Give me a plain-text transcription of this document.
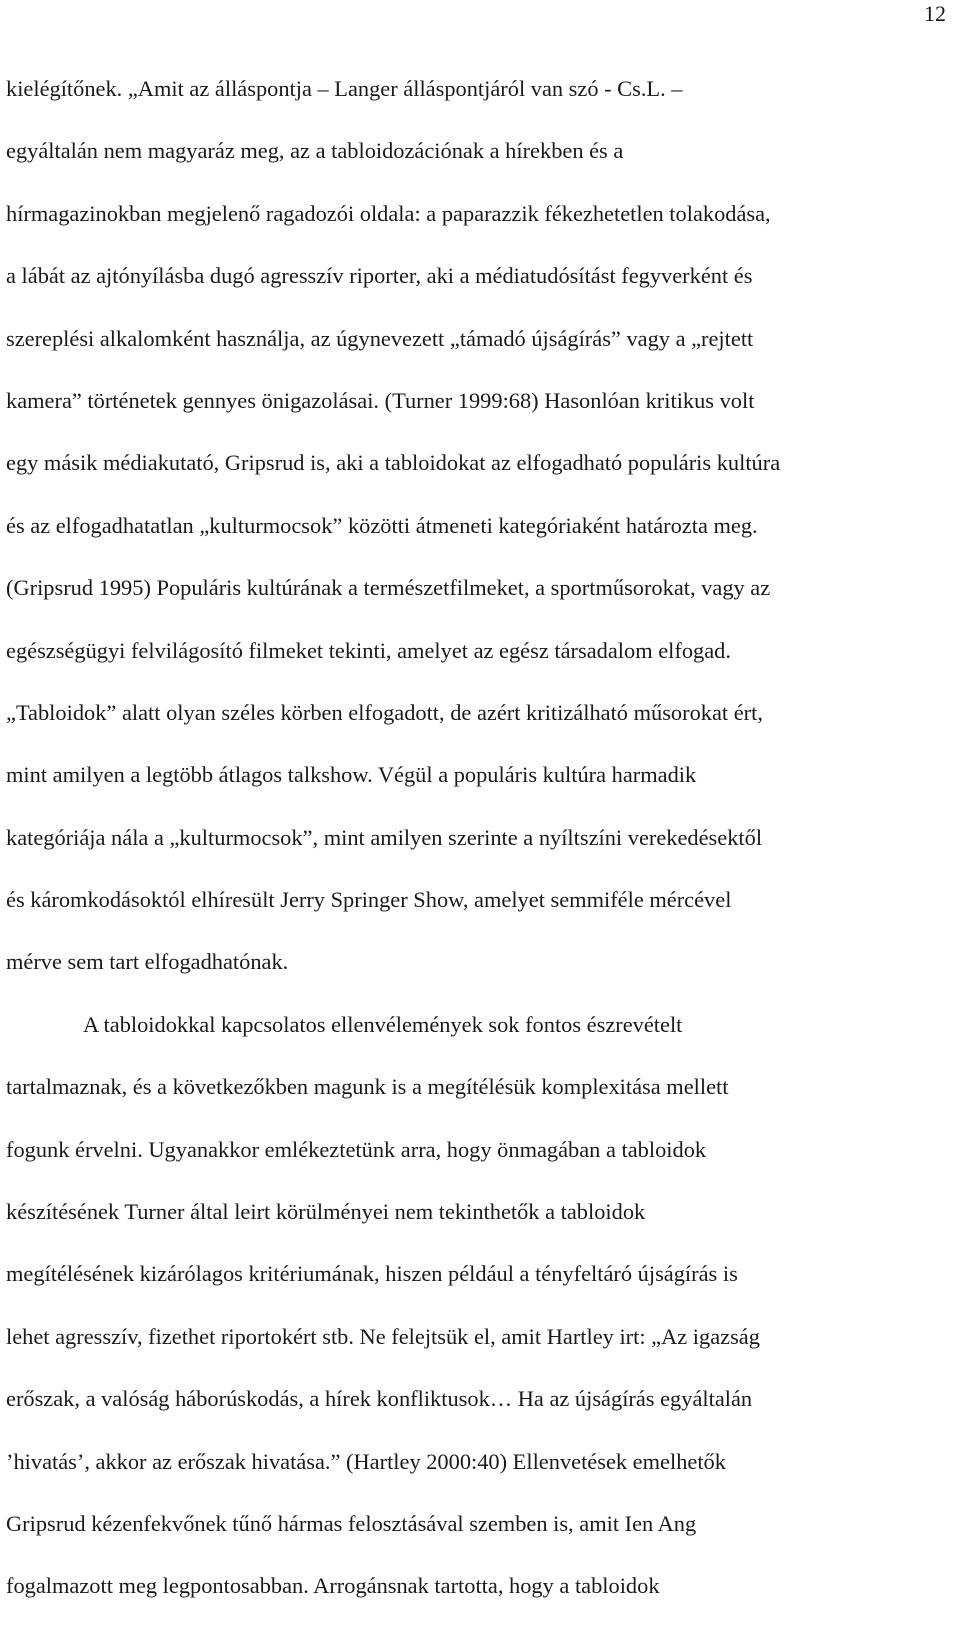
12
kielégítőnek. „Amit az álláspontja – Langer álláspontjáról van szó - Cs.L. –
egyáltalán nem magyaráz meg, az a tabloidozációnak a hírekben és a
hírmagazinokban megjelenő ragadozói oldala: a paparazzik fékezhetetlen tolakodása,
a lábát az ajtónyílásba dugó agresszív riporter, aki a médiatudósítást fegyverként és
szereplési alkalomként használja, az úgynevezett „támadó újságírás” vagy a „rejtett
kamera” történetek gennyes önigazolásai. (Turner 1999:68) Hasonlóan kritikus volt
egy másik médiakutató, Gripsrud is, aki a tabloidokat az elfogadható populáris kultúra
és az elfogadhatatlan „kulturmocsok” közötti átmeneti kategóriaként határozta meg.
(Gripsrud 1995) Populáris kultúrának a természetfilmeket, a sportműsorokat, vagy az
egészségügyi felvilágosító filmeket tekinti, amelyet az egész társadalom elfogad.
„Tabloidok” alatt olyan széles körben elfogadott, de azért kritizálható műsorokat ért,
mint amilyen a legtöbb átlagos talkshow. Végül a populáris kultúra harmadik
kategóriája nála a „kulturmocsok”, mint amilyen szerinte a nyíltszíni verekedésektől
és káromkodásoktól elhíresült Jerry Springer Show, amelyet semmiféle mércével
mérve sem tart elfogadhatónak.
A tabloidokkal kapcsolatos ellenvélemények sok fontos észrevételt
tartalmaznak, és a következőkben magunk is a megítélésük komplexitása mellett
fogunk érvelni. Ugyanakkor emlékeztetünk arra, hogy önmagában a tabloidok
készítésének Turner által leirt körülményei nem tekinthetők a tabloidok
megítélésének kizárólagos kritériumának, hiszen például a tényfeltáró újságírás is
lehet agresszív, fizethet riportokért stb. Ne felejtsük el, amit Hartley irt: „Az igazság
erőszak, a valóság háborúskodás, a hírek konfliktusok… Ha az újságírás egyáltalán
’hivatás’, akkor az erőszak hivatása.” (Hartley 2000:40) Ellenvetések emelhetők
Gripsrud kézenfekvőnek tűnő hármas felosztásával szemben is, amit Ien Ang
fogalmazott meg legpontosabban. Arrogánsnak tartotta, hogy a tabloidok
